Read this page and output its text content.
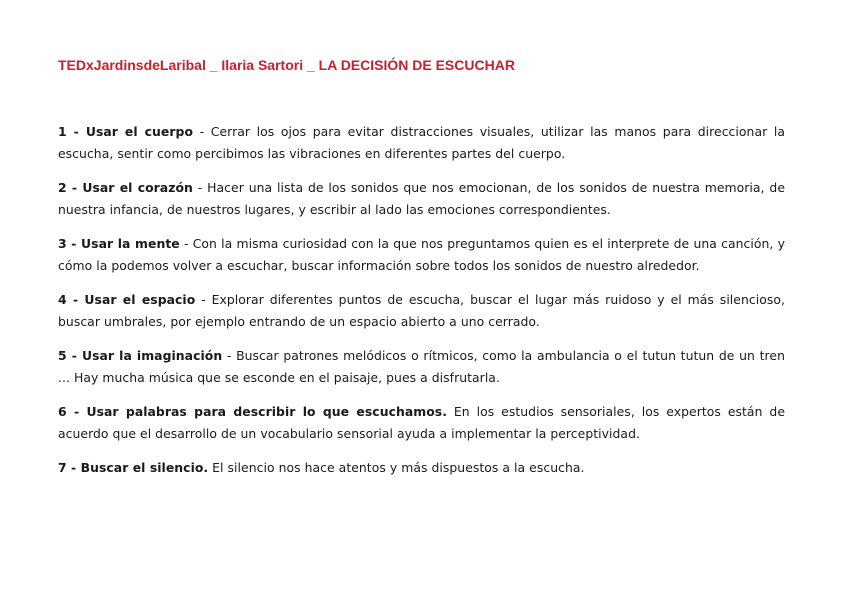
TEDxJardinsdeLaribal _ Ilaria Sartori _ LA DECISIÓN DE ESCUCHAR

1 - Usar el cuerpo - Cerrar los ojos para evitar distracciones visuales, utilizar las manos para direccionar la escucha, sentir como percibimos las vibraciones en diferentes partes del cuerpo.

2 - Usar el corazón - Hacer una lista de los sonidos que nos emocionan, de los sonidos de nuestra memoria, de nuestra infancia, de nuestros lugares, y escribir al lado las emociones correspondientes.

3 - Usar la mente - Con la misma curiosidad con la que nos preguntamos quien es el interprete de una canción, y cómo la podemos volver a escuchar, buscar información sobre todos los sonidos de nuestro alrededor.

4 - Usar el espacio - Explorar diferentes puntos de escucha, buscar el lugar más ruidoso y el más silencioso, buscar umbrales, por ejemplo entrando de un espacio abierto a uno cerrado.

5 - Usar la imaginación - Buscar patrones melódicos o rítmicos, como la ambulancia o el tutun tutun de un tren ... Hay mucha música que se esconde en el paisaje, pues a disfrutarla.

6 - Usar palabras para describir lo que escuchamos. En los estudios sensoriales, los expertos están de acuerdo que el desarrollo de un vocabulario sensorial ayuda a implementar la perceptividad.

7 - Buscar el silencio. El silencio nos hace atentos y más dispuestos a la escucha.
